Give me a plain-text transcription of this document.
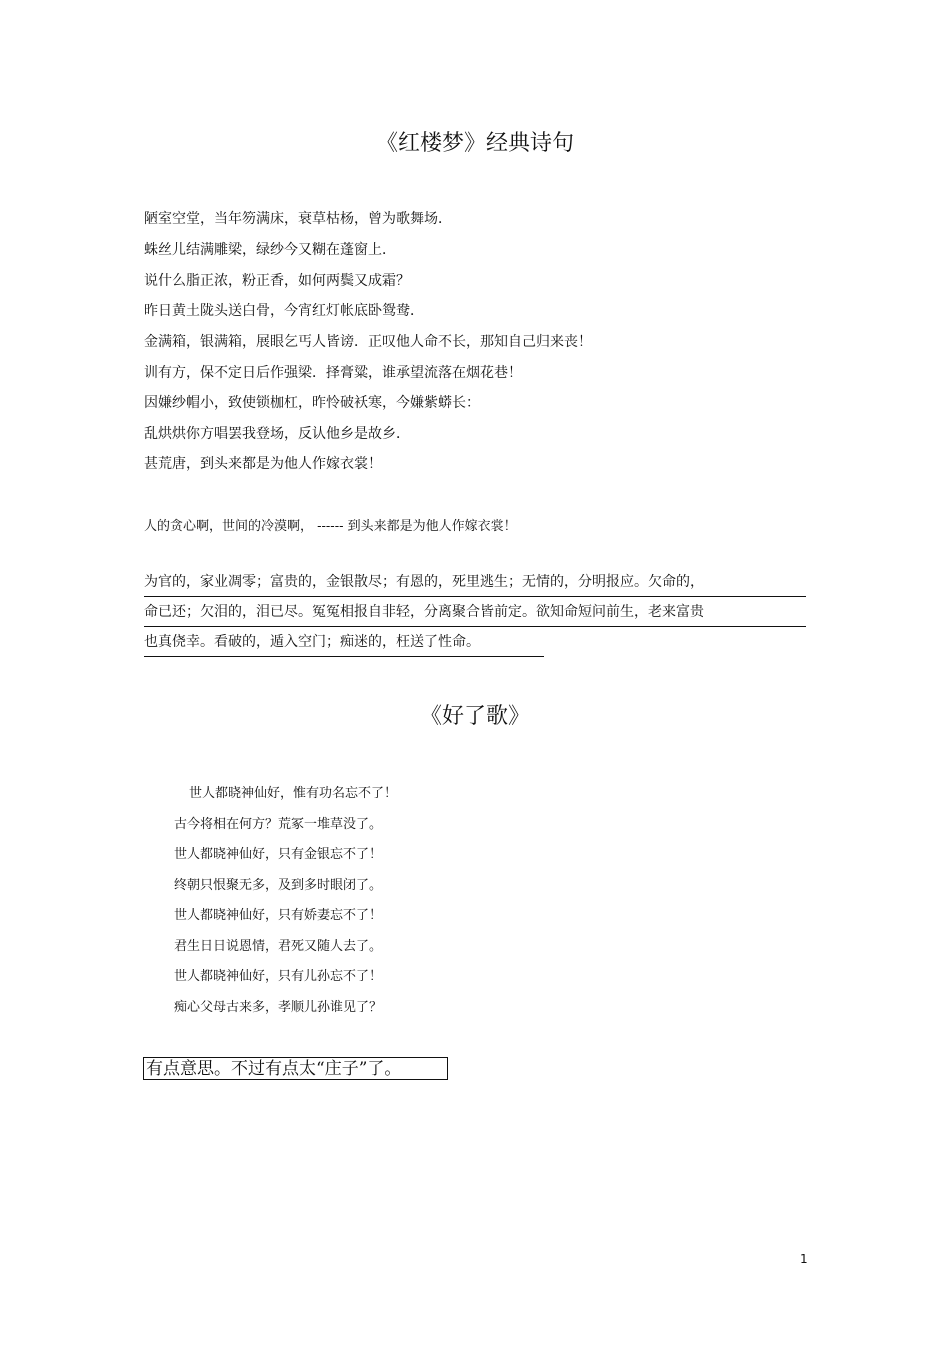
《红楼梦》经典诗句
陋室空堂，当年笏满床，衰草枯杨，曾为歌舞场．
蛛丝儿结满雕梁，绿纱今又糊在蓬窗上．
说什么脂正浓，粉正香，如何两鬓又成霜？
昨日黄土陇头送白骨，今宵红灯帐底卧鸳鸯．
金满箱，银满箱，展眼乞丐人皆谤．正叹他人命不长，那知自己归来丧！
训有方，保不定日后作强梁．择膏粱，谁承望流落在烟花巷！
因嫌纱帽小，致使锁枷杠，昨怜破袄寒，今嫌紫蟒长：
乱烘烘你方唱罢我登场，反认他乡是故乡．
甚荒唐，到头来都是为他人作嫁衣裳！
人的贪心啊，世间的冷漠啊， ------ 到头来都是为他人作嫁衣裳！
为官的，家业凋零；富贵的，金银散尽；有恩的，死里逃生；无情的，分明报应。欠命的，
命已还；欠泪的，泪已尽。冤冤相报自非轻，分离聚合皆前定。欲知命短问前生，老来富贵
也真侥幸。看破的，遁入空门；痴迷的，枉送了性命。
《好了歌》
世人都晓神仙好，惟有功名忘不了！
古今将相在何方？荒冢一堆草没了。
世人都晓神仙好，只有金银忘不了！
终朝只恨聚无多，及到多时眼闭了。
世人都晓神仙好，只有娇妻忘不了！
君生日日说恩情，君死又随人去了。
世人都晓神仙好，只有儿孙忘不了！
痴心父母古来多，孝顺儿孙谁见了？
有点意思。不过有点太“庄子”了。
1
